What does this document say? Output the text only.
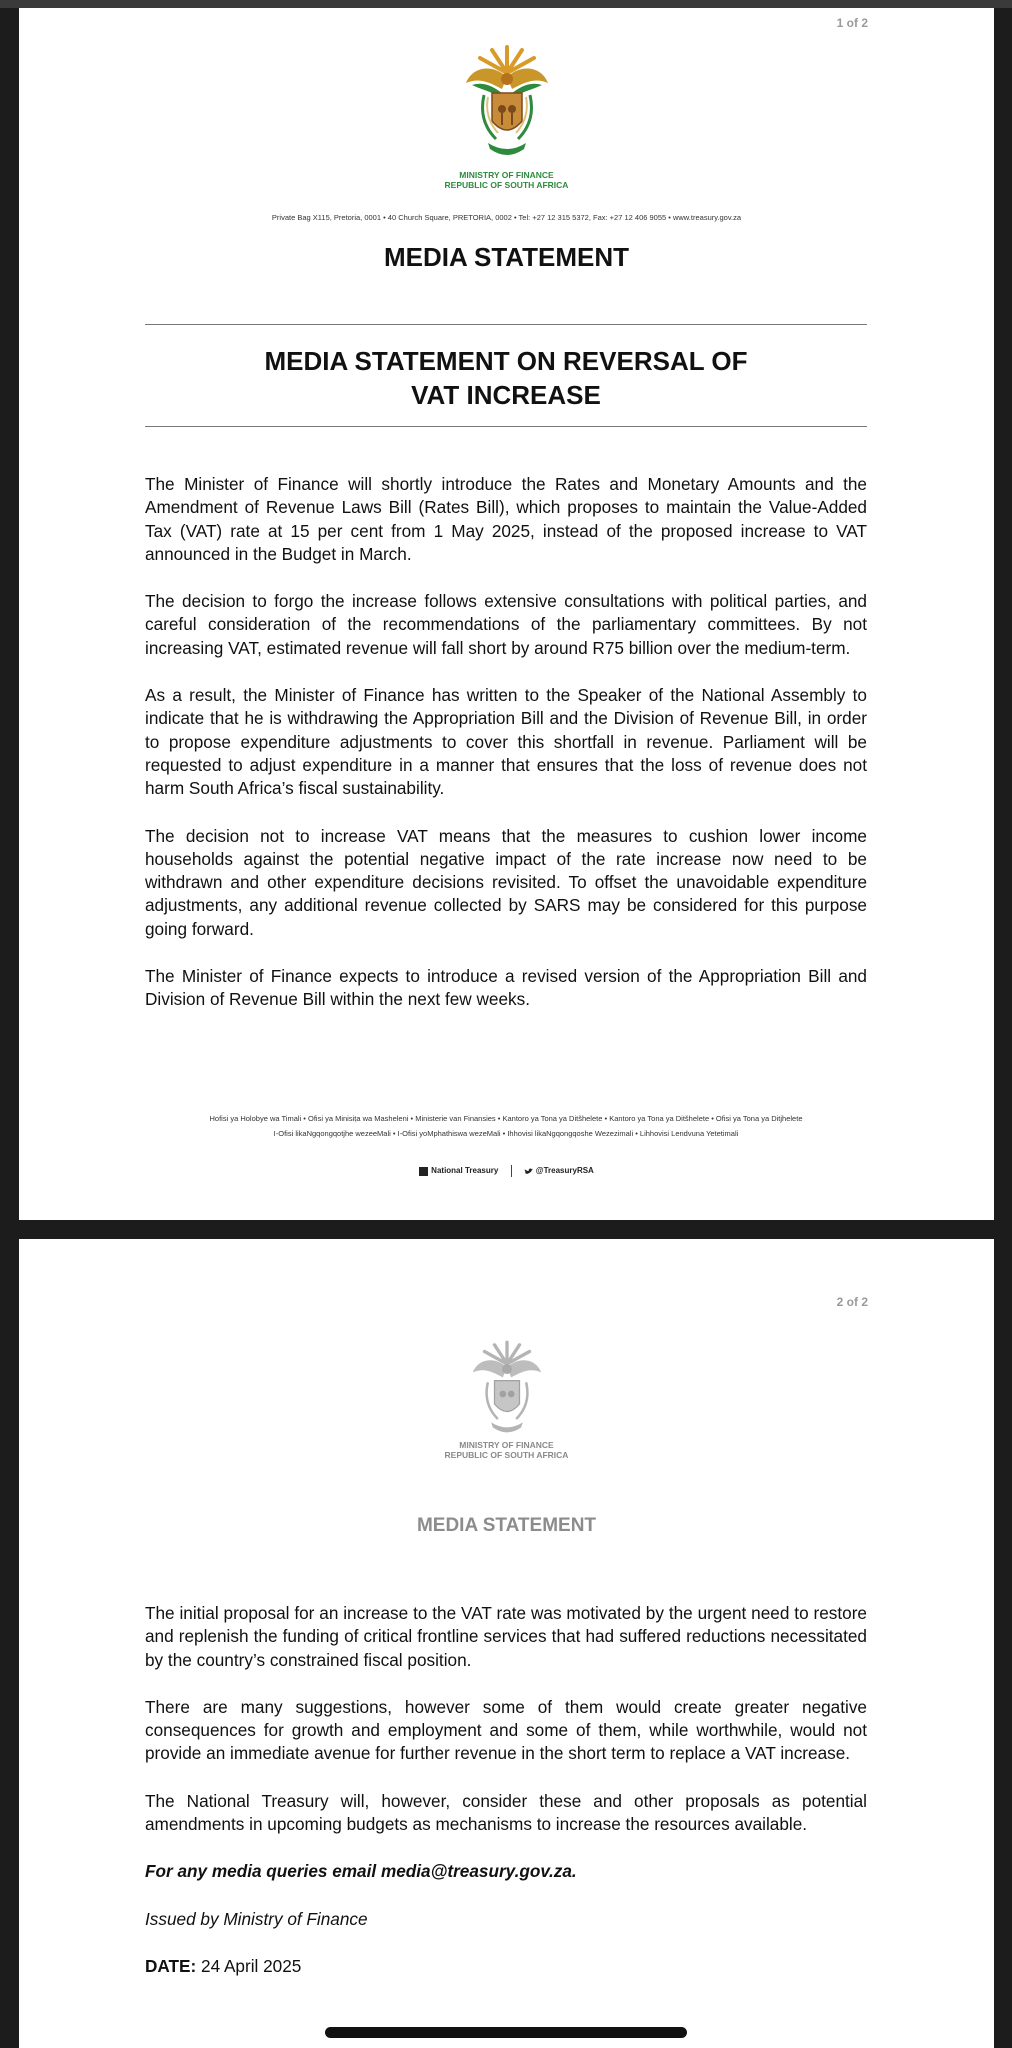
1 of 2
MINISTRY OF FINANCE
REPUBLIC OF SOUTH AFRICA
Private Bag X115, Pretoria, 0001 • 40 Church Square, PRETORIA, 0002 • Tel: +27 12 315 5372, Fax: +27 12 406 9055 • www.treasury.gov.za
MEDIA STATEMENT
MEDIA STATEMENT ON REVERSAL OF
VAT INCREASE

The Minister of Finance will shortly introduce the Rates and Monetary Amounts and the Amendment of Revenue Laws Bill (Rates Bill), which proposes to maintain the Value-Added Tax (VAT) rate at 15 per cent from 1 May 2025, instead of the proposed increase to VAT announced in the Budget in March.

The decision to forgo the increase follows extensive consultations with political parties, and careful consideration of the recommendations of the parliamentary committees. By not increasing VAT, estimated revenue will fall short by around R75 billion over the medium-term.

As a result, the Minister of Finance has written to the Speaker of the National Assembly to indicate that he is withdrawing the Appropriation Bill and the Division of Revenue Bill, in order to propose expenditure adjustments to cover this shortfall in revenue. Parliament will be requested to adjust expenditure in a manner that ensures that the loss of revenue does not harm South Africa’s fiscal sustainability.

The decision not to increase VAT means that the measures to cushion lower income households against the potential negative impact of the rate increase now need to be withdrawn and other expenditure decisions revisited. To offset the unavoidable expenditure adjustments, any additional revenue collected by SARS may be considered for this purpose going forward.

The Minister of Finance expects to introduce a revised version of the Appropriation Bill and Division of Revenue Bill within the next few weeks.

Hofisi ya Holobye wa Timali • Ofisi ya Minisiṭa wa Masheleni • Ministerie van Finansies • Kantoro ya Tona ya Ditšhelete • Kantoro ya Tona ya Ditšhelete • Ofisi ya Tona ya Ditjhelete
I-Ofisi likaNgqongqotjhe wezeeMali • I-Ofisi yoMphathiswa wezeMali • Ihhovisi likaNgqongqoshe Wezezimali • Lihhovisi Lendvuna Yetetimali
National Treasury	@TreasuryRSA
2 of 2
MINISTRY OF FINANCE
REPUBLIC OF SOUTH AFRICA
MEDIA STATEMENT

The initial proposal for an increase to the VAT rate was motivated by the urgent need to restore and replenish the funding of critical frontline services that had suffered reductions necessitated by the country’s constrained fiscal position.

There are many suggestions, however some of them would create greater negative consequences for growth and employment and some of them, while worthwhile, would not provide an immediate avenue for further revenue in the short term to replace a VAT increase.

The National Treasury will, however, consider these and other proposals as potential amendments in upcoming budgets as mechanisms to increase the resources available.

For any media queries email media@treasury.gov.za.

Issued by Ministry of Finance

DATE: 24 April 2025
